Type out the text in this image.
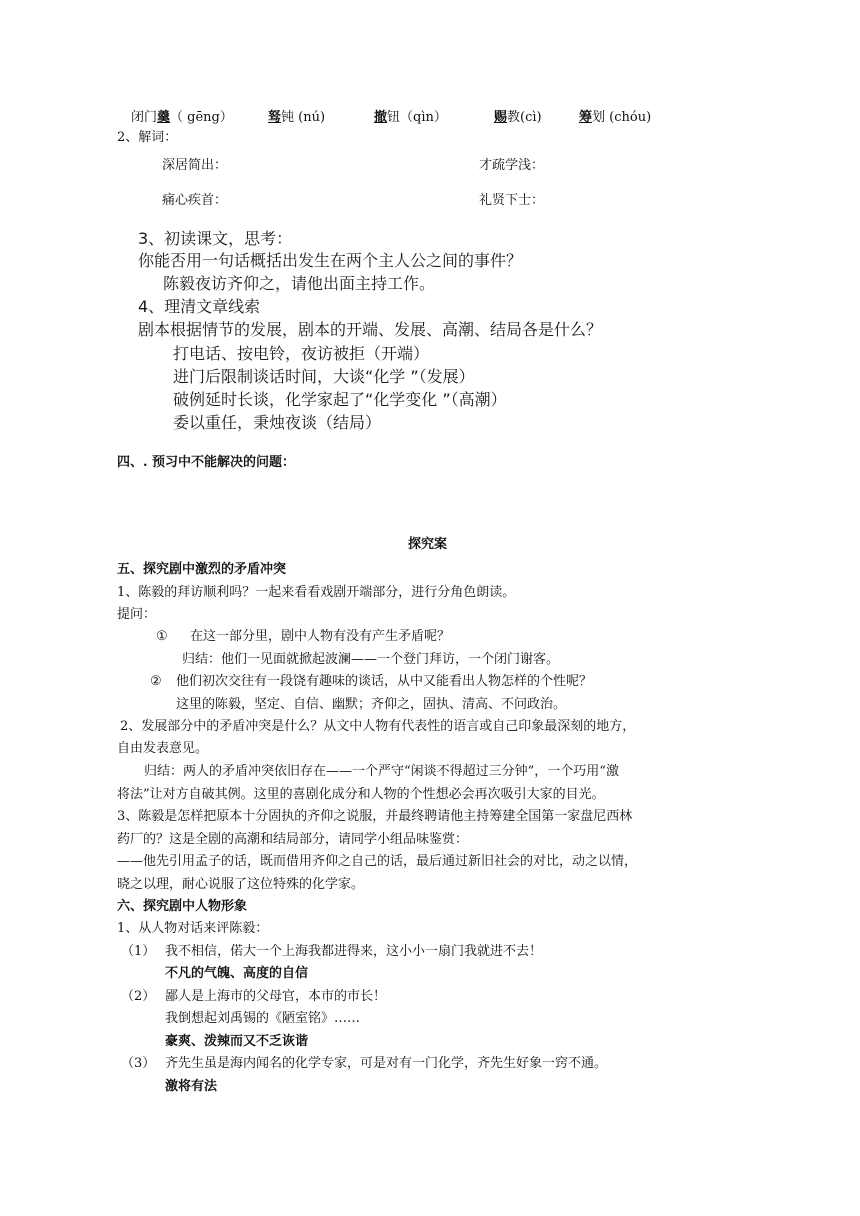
闭门羹（ gēng）	驽钝 (nú)	撤钮（qìn）	赐教(cì)	筹划 (chóu)
2、解词：
深居简出：	才疏学浅：
痛心疾首：	礼贤下士：
3、初读课文，思考：
你能否用一句话概括出发生在两个主人公之间的事件？
陈毅夜访齐仰之，请他出面主持工作。
4、理清文章线索
剧本根据情节的发展，剧本的开端、发展、高潮、结局各是什么？
打电话、按电铃，夜访被拒（开端）
进门后限制谈话时间，大谈“化学 ”（发展）
破例延时长谈，化学家起了“化学变化 ”（高潮）
委以重任，秉烛夜谈（结局）
四、. 预习中不能解决的问题：
探究案
五、探究剧中激烈的矛盾冲突
1、陈毅的拜访顺利吗？一起来看看戏剧开端部分，进行分角色朗读。
提问：
① 在这一部分里，剧中人物有没有产生矛盾呢？
归结：他们一见面就掀起波澜——一个登门拜访，一个闭门谢客。
② 他们初次交往有一段饶有趣味的谈话，从中又能看出人物怎样的个性呢？
这里的陈毅，坚定、自信、幽默；齐仰之，固执、清高、不问政治。
2、发展部分中的矛盾冲突是什么？从文中人物有代表性的语言或自己印象最深刻的地方，
自由发表意见。
归结：两人的矛盾冲突依旧存在——一个严守“闲谈不得超过三分钟”，一个巧用“激
将法”让对方自破其例。这里的喜剧化成分和人物的个性想必会再次吸引大家的目光。
3、陈毅是怎样把原本十分固执的齐仰之说服，并最终聘请他主持筹建全国第一家盘尼西林
药厂的？这是全剧的高潮和结局部分，请同学小组品味鉴赏：
——他先引用孟子的话，既而借用齐仰之自己的话，最后通过新旧社会的对比，动之以情，
晓之以理，耐心说服了这位特殊的化学家。
六、探究剧中人物形象
1、从人物对话来评陈毅：
（1） 我不相信，偌大一个上海我都进得来，这小小一扇门我就进不去！
不凡的气魄、高度的自信
（2） 鄙人是上海市的父母官，本市的市长！
我倒想起刘禹锡的《陋室铭》……
豪爽、泼辣而又不乏诙谐
（3） 齐先生虽是海内闻名的化学专家，可是对有一门化学，齐先生好象一窍不通。
激将有法
